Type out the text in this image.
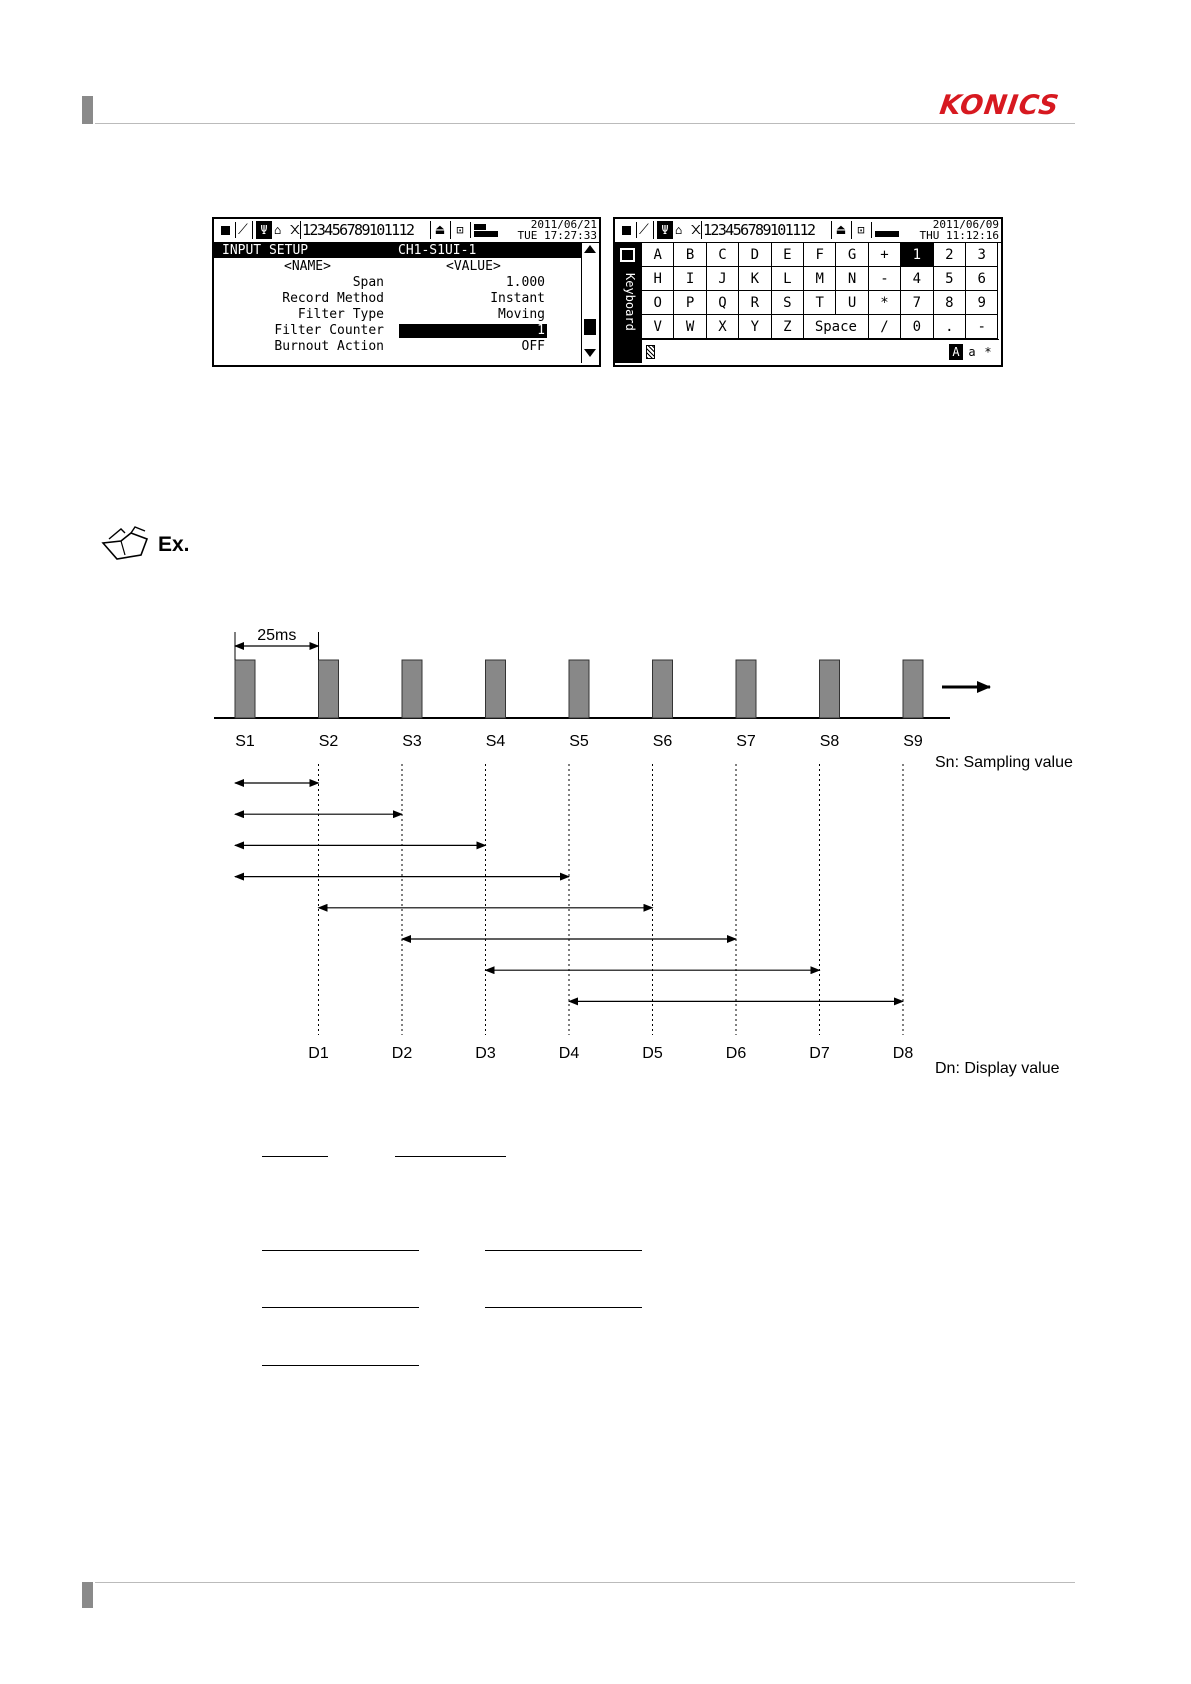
KONICS
⟋	Ψ ⌂ ᙭ 123456789101112	⏏	⊡	2011/06/21
TUE 17:27:33
INPUT SETUP	CH1-S1UI-1
<NAME>	<VALUE>
Span	1.000
Record Method	Instant
Filter Type	Moving
Filter Counter	1
Burnout Action	OFF
⟋	Ψ ⌂ ᙭ 123456789101112	⏏	⊡	2011/06/09
THU 11:12:16
Keyboard
A	B	C	D	E	F	G	+	1	2	3
H	I	J	K	L	M	N	-	4	5	6
O	P	Q	R	S	T	U	*	7	8	9
V	W	X	Y	Z	Space	/	0	.	-
A a *
Ex.
S1	S2	S3	S4	S5	S6	S7	S8	S9
25ms
Sn: Sampling value
Dn: Display value
D1	D2	D3	D4	D5	D6	D7	D8
